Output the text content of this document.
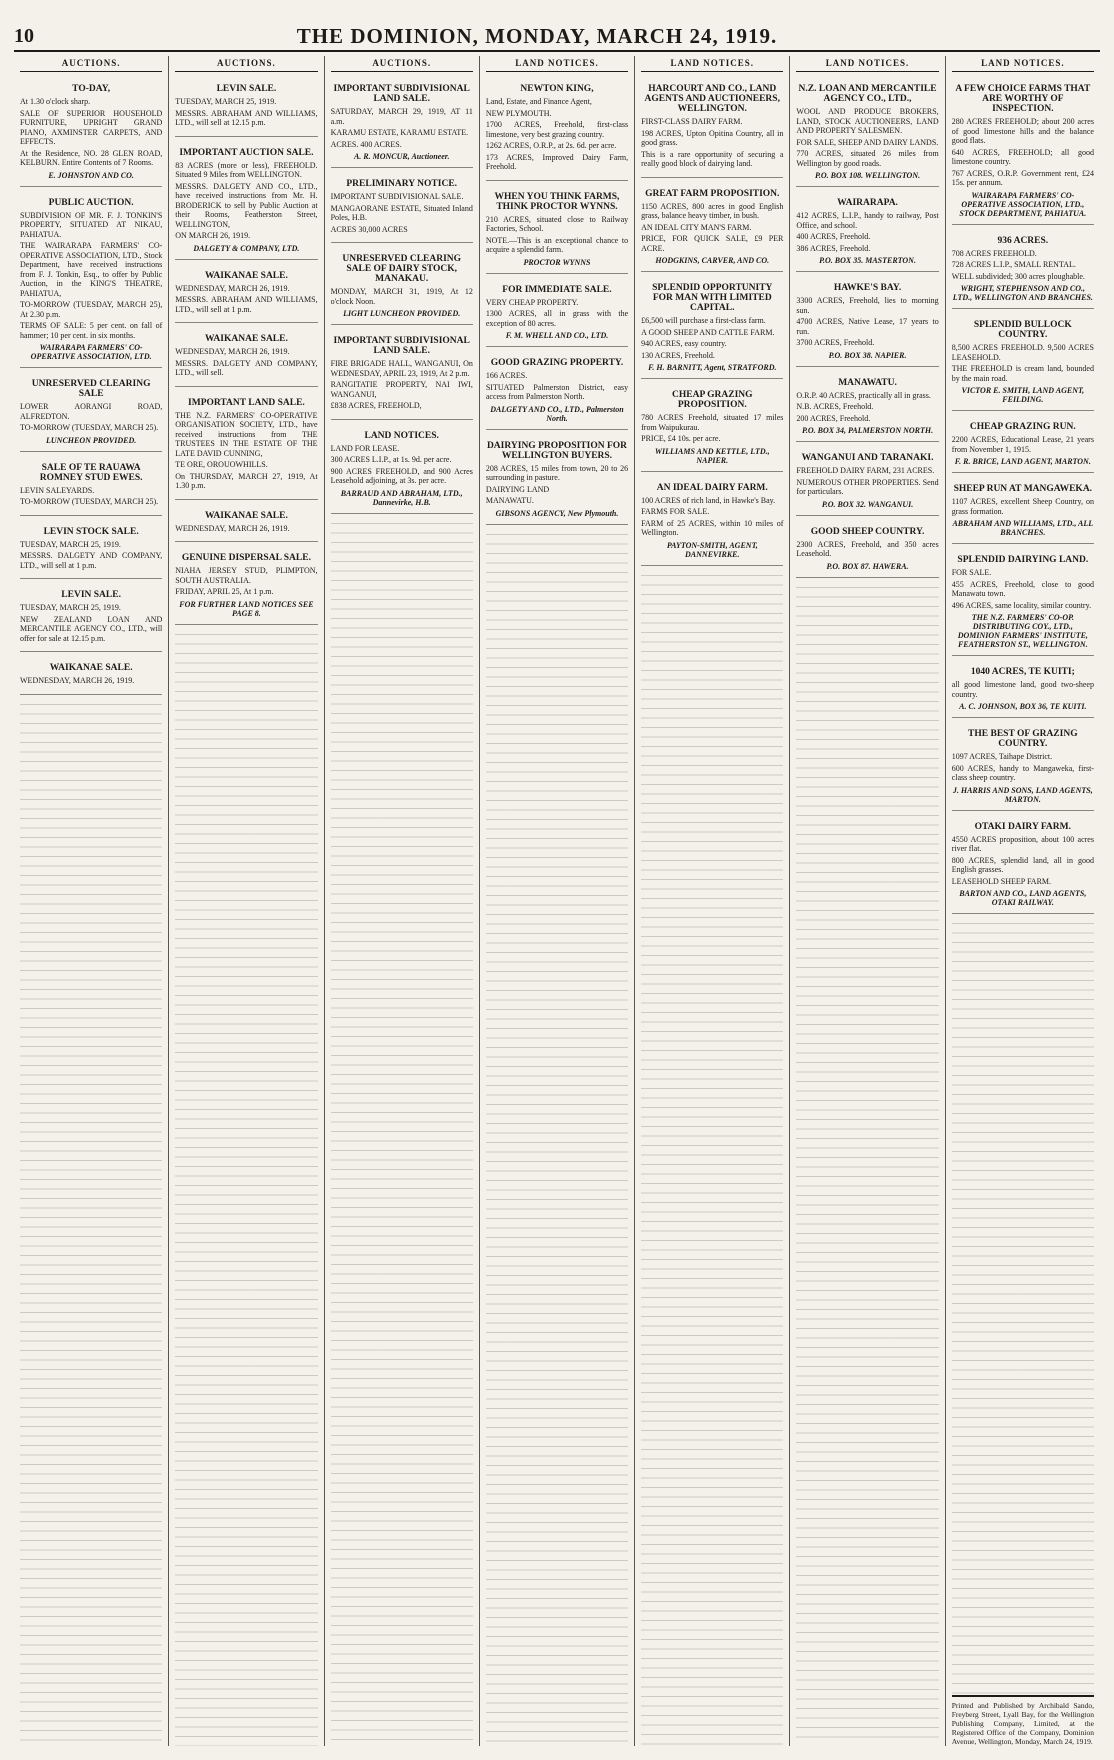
10	THE DOMINION, MONDAY, MARCH 24, 1919.
AUCTIONS.
TO-DAY,

At 1.30 o'clock sharp.

SALE OF SUPERIOR HOUSEHOLD FURNITURE, UPRIGHT GRAND PIANO, AXMINSTER CARPETS, AND EFFECTS.

At the Residence, NO. 28 GLEN ROAD, KELBURN. Entire Contents of 7 Rooms.

E. JOHNSTON AND CO.
PUBLIC AUCTION.

SUBDIVISION OF MR. F. J. TONKIN'S PROPERTY, SITUATED AT NIKAU, PAHIATUA.

THE WAIRARAPA FARMERS' CO-OPERATIVE ASSOCIATION, LTD., Stock Department, have received instructions from F. J. Tonkin, Esq., to offer by Public Auction, in the KING'S THEATRE, PAHIATUA,

TO-MORROW (TUESDAY, MARCH 25), At 2.30 p.m.

TERMS OF SALE: 5 per cent. on fall of hammer; 10 per cent. in six months.

WAIRARAPA FARMERS' CO-OPERATIVE ASSOCIATION, LTD.
UNRESERVED CLEARING SALE

LOWER AORANGI ROAD, ALFREDTON.

TO-MORROW (TUESDAY, MARCH 25).

LUNCHEON PROVIDED.
SALE OF TE RAUAWA ROMNEY STUD EWES.

LEVIN SALEYARDS.

TO-MORROW (TUESDAY, MARCH 25).

LEVIN STOCK SALE.

TUESDAY, MARCH 25, 1919.

MESSRS. DALGETY AND COMPANY, LTD., will sell at 1 p.m.

LEVIN SALE.

TUESDAY, MARCH 25, 1919.

NEW ZEALAND LOAN AND MERCANTILE AGENCY CO., LTD., will offer for sale at 12.15 p.m.

WAIKANAE SALE.

WEDNESDAY, MARCH 26, 1919.

AUCTIONS.
LEVIN SALE.

TUESDAY, MARCH 25, 1919.

MESSRS. ABRAHAM AND WILLIAMS, LTD., will sell at 12.15 p.m.

IMPORTANT AUCTION SALE.

83 ACRES (more or less), FREEHOLD. Situated 9 Miles from WELLINGTON.

MESSRS. DALGETY AND CO., LTD., have received instructions from Mr. H. BRODERICK to sell by Public Auction at their Rooms, Featherston Street, WELLINGTON,

ON MARCH 26, 1919.

DALGETY & COMPANY, LTD.
WAIKANAE SALE.

WEDNESDAY, MARCH 26, 1919.

MESSRS. ABRAHAM AND WILLIAMS, LTD., will sell at 1 p.m.

WAIKANAE SALE.

WEDNESDAY, MARCH 26, 1919.

MESSRS. DALGETY AND COMPANY, LTD., will sell.

IMPORTANT LAND SALE.

THE N.Z. FARMERS' CO-OPERATIVE ORGANISATION SOCIETY, LTD., have received instructions from THE TRUSTEES IN THE ESTATE OF THE LATE DAVID CUNNING,

TE ORE, OROUOWHILLS.

On THURSDAY, MARCH 27, 1919, At 1.30 p.m.

WAIKANAE SALE.

WEDNESDAY, MARCH 26, 1919.

GENUINE DISPERSAL SALE.

NIAHA JERSEY STUD, PLIMPTON, SOUTH AUSTRALIA.

FRIDAY, APRIL 25, At 1 p.m.

FOR FURTHER LAND NOTICES SEE PAGE 8.
AUCTIONS.
IMPORTANT SUBDIVISIONAL LAND SALE.

SATURDAY, MARCH 29, 1919, AT 11 a.m.

KARAMU ESTATE, KARAMU ESTATE.

ACRES. 400 ACRES.

A. R. MONCUR, Auctioneer.
PRELIMINARY NOTICE.

IMPORTANT SUBDIVISIONAL SALE.

MANGAORANE ESTATE, Situated Inland Poles, H.B.

ACRES 30,000 ACRES

UNRESERVED CLEARING SALE OF DAIRY STOCK, MANAKAU.

MONDAY, MARCH 31, 1919, At 12 o'clock Noon.

LIGHT LUNCHEON PROVIDED.
IMPORTANT SUBDIVISIONAL LAND SALE.

FIRE BRIGADE HALL, WANGANUI, On WEDNESDAY, APRIL 23, 1919, At 2 p.m.

RANGITATIE PROPERTY, NAI IWI, WANGANUI,

£838 ACRES, FREEHOLD,

LAND NOTICES.

LAND FOR LEASE.

300 ACRES L.I.P., at 1s. 9d. per acre.

900 ACRES FREEHOLD, and 900 Acres Leasehold adjoining, at 3s. per acre.

BARRAUD AND ABRAHAM, LTD., Dannevirke, H.B.
LAND NOTICES.
NEWTON KING,

Land, Estate, and Finance Agent,

NEW PLYMOUTH.

1700 ACRES, Freehold, first-class limestone, very best grazing country.

1262 ACRES, O.R.P., at 2s. 6d. per acre.

173 ACRES, Improved Dairy Farm, Freehold.

WHEN YOU THINK FARMS, THINK PROCTOR WYNNS.

210 ACRES, situated close to Railway Factories, School.

NOTE.—This is an exceptional chance to acquire a splendid farm.

PROCTOR WYNNS
FOR IMMEDIATE SALE.

VERY CHEAP PROPERTY.

1300 ACRES, all in grass with the exception of 80 acres.

F. M. WHELL AND CO., LTD.
GOOD GRAZING PROPERTY.

166 ACRES.

SITUATED Palmerston District, easy access from Palmerston North.

DALGETY AND CO., LTD., Palmerston North.
DAIRYING PROPOSITION FOR WELLINGTON BUYERS.

208 ACRES, 15 miles from town, 20 to 26 surrounding in pasture.

DAIRYING LAND

MANAWATU.

GIBSONS AGENCY, New Plymouth.
LAND NOTICES.
HARCOURT AND CO., LAND AGENTS AND AUCTIONEERS, WELLINGTON.

FIRST-CLASS DAIRY FARM.

198 ACRES, Upton Opitina Country, all in good grass.

This is a rare opportunity of securing a really good block of dairying land.

GREAT FARM PROPOSITION.

1150 ACRES, 800 acres in good English grass, balance heavy timber, in bush.

AN IDEAL CITY MAN'S FARM.

PRICE, FOR QUICK SALE, £9 PER ACRE.

HODGKINS, CARVER, AND CO.
SPLENDID OPPORTUNITY FOR MAN WITH LIMITED CAPITAL.

£6,500 will purchase a first-class farm.

A GOOD SHEEP AND CATTLE FARM.

940 ACRES, easy country.

130 ACRES, Freehold.

F. H. BARNITT, Agent, STRATFORD.
CHEAP GRAZING PROPOSITION.

780 ACRES Freehold, situated 17 miles from Waipukurau.

PRICE, £4 10s. per acre.

WILLIAMS AND KETTLE, LTD., NAPIER.
AN IDEAL DAIRY FARM.

100 ACRES of rich land, in Hawke's Bay.

FARMS FOR SALE.

FARM of 25 ACRES, within 10 miles of Wellington.

PAYTON-SMITH, AGENT, DANNEVIRKE.
LAND NOTICES.
N.Z. LOAN AND MERCANTILE AGENCY CO., LTD.,

WOOL AND PRODUCE BROKERS, LAND, STOCK AUCTIONEERS, LAND AND PROPERTY SALESMEN.

FOR SALE, SHEEP AND DAIRY LANDS.

770 ACRES, situated 26 miles from Wellington by good roads.

P.O. BOX 108. WELLINGTON.
WAIRARAPA.

412 ACRES, L.I.P., handy to railway, Post Office, and school.

400 ACRES, Freehold.

386 ACRES, Freehold.

P.O. BOX 35. MASTERTON.
HAWKE'S BAY.

3300 ACRES, Freehold, lies to morning sun.

4700 ACRES, Native Lease, 17 years to run.

3700 ACRES, Freehold.

P.O. BOX 38. NAPIER.
MANAWATU.

O.R.P. 40 ACRES, practically all in grass.

N.B. ACRES, Freehold.

200 ACRES, Freehold.

P.O. BOX 34, PALMERSTON NORTH.
WANGANUI AND TARANAKI.

FREEHOLD DAIRY FARM, 231 ACRES.

NUMEROUS OTHER PROPERTIES. Send for particulars.

P.O. BOX 32. WANGANUI.
GOOD SHEEP COUNTRY.

2300 ACRES, Freehold, and 350 acres Leasehold.

P.O. BOX 87. HAWERA.
LAND NOTICES.
A FEW CHOICE FARMS THAT ARE WORTHY OF INSPECTION.

280 ACRES FREEHOLD; about 200 acres of good limestone hills and the balance good flats.

640 ACRES, FREEHOLD; all good limestone country.

767 ACRES, O.R.P. Government rent, £24 15s. per annum.

WAIRARAPA FARMERS' CO-OPERATIVE ASSOCIATION, LTD., STOCK DEPARTMENT, PAHIATUA.
936 ACRES.

708 ACRES FREEHOLD.

728 ACRES L.I.P., SMALL RENTAL.

WELL subdivided; 300 acres ploughable.

WRIGHT, STEPHENSON AND CO., LTD., WELLINGTON AND BRANCHES.
SPLENDID BULLOCK COUNTRY.

8,500 ACRES FREEHOLD. 9,500 ACRES LEASEHOLD.

THE FREEHOLD is cream land, bounded by the main road.

VICTOR E. SMITH, LAND AGENT, FEILDING.
CHEAP GRAZING RUN.

2200 ACRES, Educational Lease, 21 years from November 1, 1915.

F. R. BRICE, LAND AGENT, MARTON.
SHEEP RUN AT MANGAWEKA.

1107 ACRES, excellent Sheep Country, on grass formation.

ABRAHAM AND WILLIAMS, LTD., ALL BRANCHES.
SPLENDID DAIRYING LAND.

FOR SALE.

455 ACRES, Freehold, close to good Manawatu town.

496 ACRES, same locality, similar country.

THE N.Z. FARMERS' CO-OP. DISTRIBUTING COY., LTD., DOMINION FARMERS' INSTITUTE, FEATHERSTON ST., WELLINGTON.
1040 ACRES, TE KUITI;

all good limestone land, good two-sheep country.

A. C. JOHNSON, BOX 36, TE KUITI.
THE BEST OF GRAZING COUNTRY.

1097 ACRES, Taihape District.

600 ACRES, handy to Mangaweka, first-class sheep country.

J. HARRIS AND SONS, LAND AGENTS, MARTON.
OTAKI DAIRY FARM.

4550 ACRES proposition, about 100 acres river flat.

800 ACRES, splendid land, all in good English grasses.

LEASEHOLD SHEEP FARM.

BARTON AND CO., LAND AGENTS, OTAKI RAILWAY.
Printed and Published by Archibald Sando, Freyberg Street, Lyall Bay, for the Wellington Publishing Company, Limited, at the Registered Office of the Company, Dominion Avenue, Wellington, Monday, March 24, 1919.
